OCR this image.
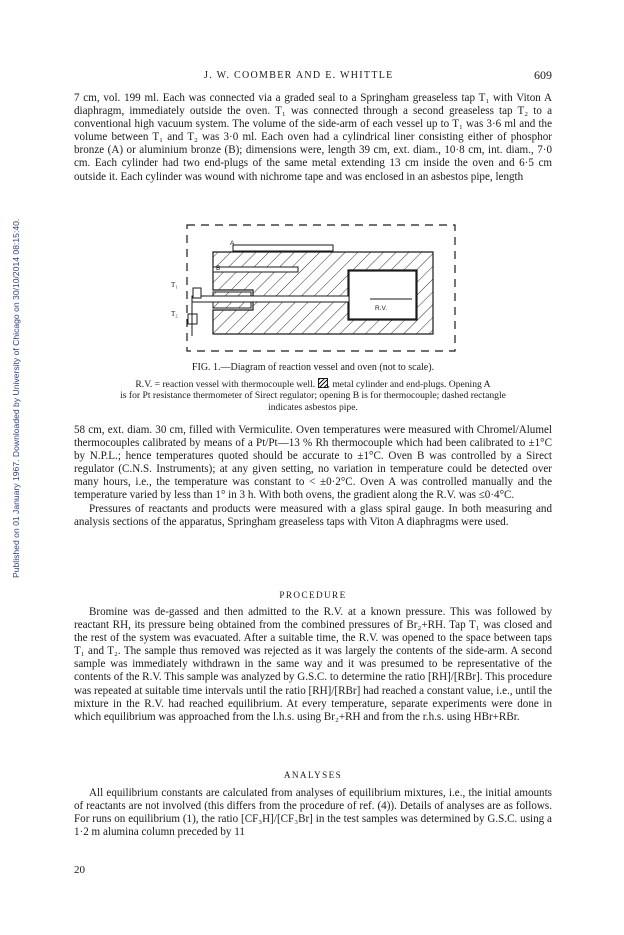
Published on 01 January 1967. Downloaded by University of Chicago on 30/10/2014 08:15:40.
J. W. COOMBER AND E. WHITTLE	609

7 cm, vol. 199 ml. Each was connected via a graded seal to a Springham greaseless tap T₁ with Viton A diaphragm, immediately outside the oven. T₁ was connected through a second greaseless tap T₂ to a conventional high vacuum system. The volume of the side-arm of each vessel up to T₁ was 3·6 ml and the volume between T₁ and T₂ was 3·0 ml. Each oven had a cylindrical liner consisting either of phosphor bronze (A) or aluminium bronze (B); dimensions were, length 39 cm, ext. diam., 10·8 cm, int. diam., 7·0 cm. Each cylinder had two end-plugs of the same metal extending 13 cm inside the oven and 6·5 cm outside it. Each cylinder was wound with nichrome tape and was enclosed in an asbestos pipe, length

A
B
T₁
T₂
R.V.
FIG. 1.—Diagram of reaction vessel and oven (not to scale).
R.V. = reaction vessel with thermocouple well. , metal cylinder and end-plugs. Opening A
is for Pt resistance thermometer of Sirect regulator; opening B is for thermocouple; dashed rectangle
indicates asbestos pipe.

58 cm, ext. diam. 30 cm, filled with Vermiculite. Oven temperatures were measured with Chromel/Alumel thermocouples calibrated by means of a Pt/Pt—13 % Rh thermocouple which had been calibrated to ±1°C by N.P.L.; hence temperatures quoted should be accurate to ±1°C. Oven B was controlled by a Sirect regulator (C.N.S. Instruments); at any given setting, no variation in temperature could be detected over many hours, i.e., the temperature was constant to < ±0·2°C. Oven A was controlled manually and the temperature varied by less than 1° in 3 h. With both ovens, the gradient along the R.V. was ≤0·4°C.

Pressures of reactants and products were measured with a glass spiral gauge. In both measuring and analysis sections of the apparatus, Springham greaseless taps with Viton A diaphragms were used.

PROCEDURE

Bromine was de-gassed and then admitted to the R.V. at a known pressure. This was followed by reactant RH, its pressure being obtained from the combined pressures of Br₂+RH. Tap T₁ was closed and the rest of the system was evacuated. After a suitable time, the R.V. was opened to the space between taps T₁ and T₂. The sample thus removed was rejected as it was largely the contents of the side-arm. A second sample was immediately withdrawn in the same way and it was presumed to be representative of the contents of the R.V. This sample was analyzed by G.S.C. to determine the ratio [RH]/[RBr]. This procedure was repeated at suitable time intervals until the ratio [RH]/[RBr] had reached a constant value, i.e., until the mixture in the R.V. had reached equilibrium. At every temperature, separate experiments were done in which equilibrium was approached from the l.h.s. using Br₂+RH and from the r.h.s. using HBr+RBr.

ANALYSES

All equilibrium constants are calculated from analyses of equilibrium mixtures, i.e., the initial amounts of reactants are not involved (this differs from the procedure of ref. (4)). Details of analyses are as follows. For runs on equilibrium (1), the ratio [CF₃H]/[CF₃Br] in the test samples was determined by G.S.C. using a 1·2 m alumina column preceded by 11

20
